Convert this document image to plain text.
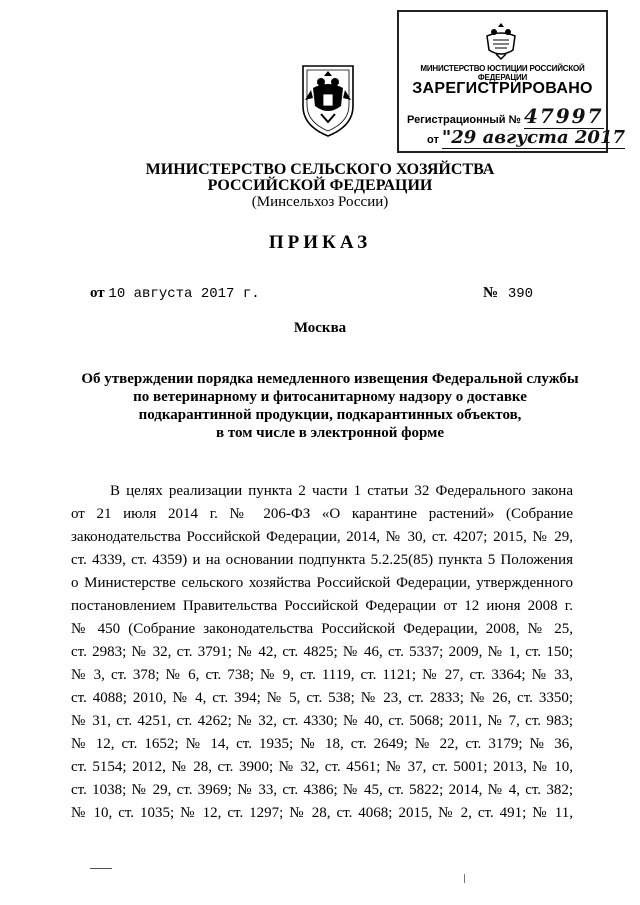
МИНИСТЕРСТВО ЮСТИЦИИ РОССИЙСКОЙ ФЕДЕРАЦИИ
ЗАРЕГИСТРИРОВАНО
Регистрационный № 47997
от "29 августа 2017
МИНИСТЕРСТВО СЕЛЬСКОГО ХОЗЯЙСТВА
РОССИЙСКОЙ ФЕДЕРАЦИИ
(Минсельхоз России)
ПРИКАЗ
от 10 августа 2017 г.	№ 390
Москва
Об утверждении порядка немедленного извещения Федеральной службы
по ветеринарному и фитосанитарному надзору о доставке
подкарантинной продукции, подкарантинных объектов,
в том числе в электронной форме
В целях реализации пункта 2 части 1 статьи 32 Федерального закона
от 21 июля 2014 г. № 206-ФЗ «О карантине растений» (Собрание
законодательства Российской Федерации, 2014, № 30, ст. 4207; 2015, № 29,
ст. 4339, ст. 4359) и на основании подпункта 5.2.25(85) пункта 5 Положения
о Министерстве сельского хозяйства Российской Федерации, утвержденного
постановлением Правительства Российской Федерации от 12 июня 2008 г.
№ 450 (Собрание законодательства Российской Федерации, 2008, № 25,
ст. 2983; № 32, ст. 3791; № 42, ст. 4825; № 46, ст. 5337; 2009, № 1, ст. 150;
№ 3, ст. 378; № 6, ст. 738; № 9, ст. 1119, ст. 1121; № 27, ст. 3364; № 33,
ст. 4088; 2010, № 4, ст. 394; № 5, ст. 538; № 23, ст. 2833; № 26, ст. 3350;
№ 31, ст. 4251, ст. 4262; № 32, ст. 4330; № 40, ст. 5068; 2011, № 7, ст. 983;
№ 12, ст. 1652; № 14, ст. 1935; № 18, ст. 2649; № 22, ст. 3179; № 36,
ст. 5154; 2012, № 28, ст. 3900; № 32, ст. 4561; № 37, ст. 5001; 2013, № 10,
ст. 1038; № 29, ст. 3969; № 33, ст. 4386; № 45, ст. 5822; 2014, № 4, ст. 382;
№ 10, ст. 1035; № 12, ст. 1297; № 28, ст. 4068; 2015, № 2, ст. 491; № 11,
